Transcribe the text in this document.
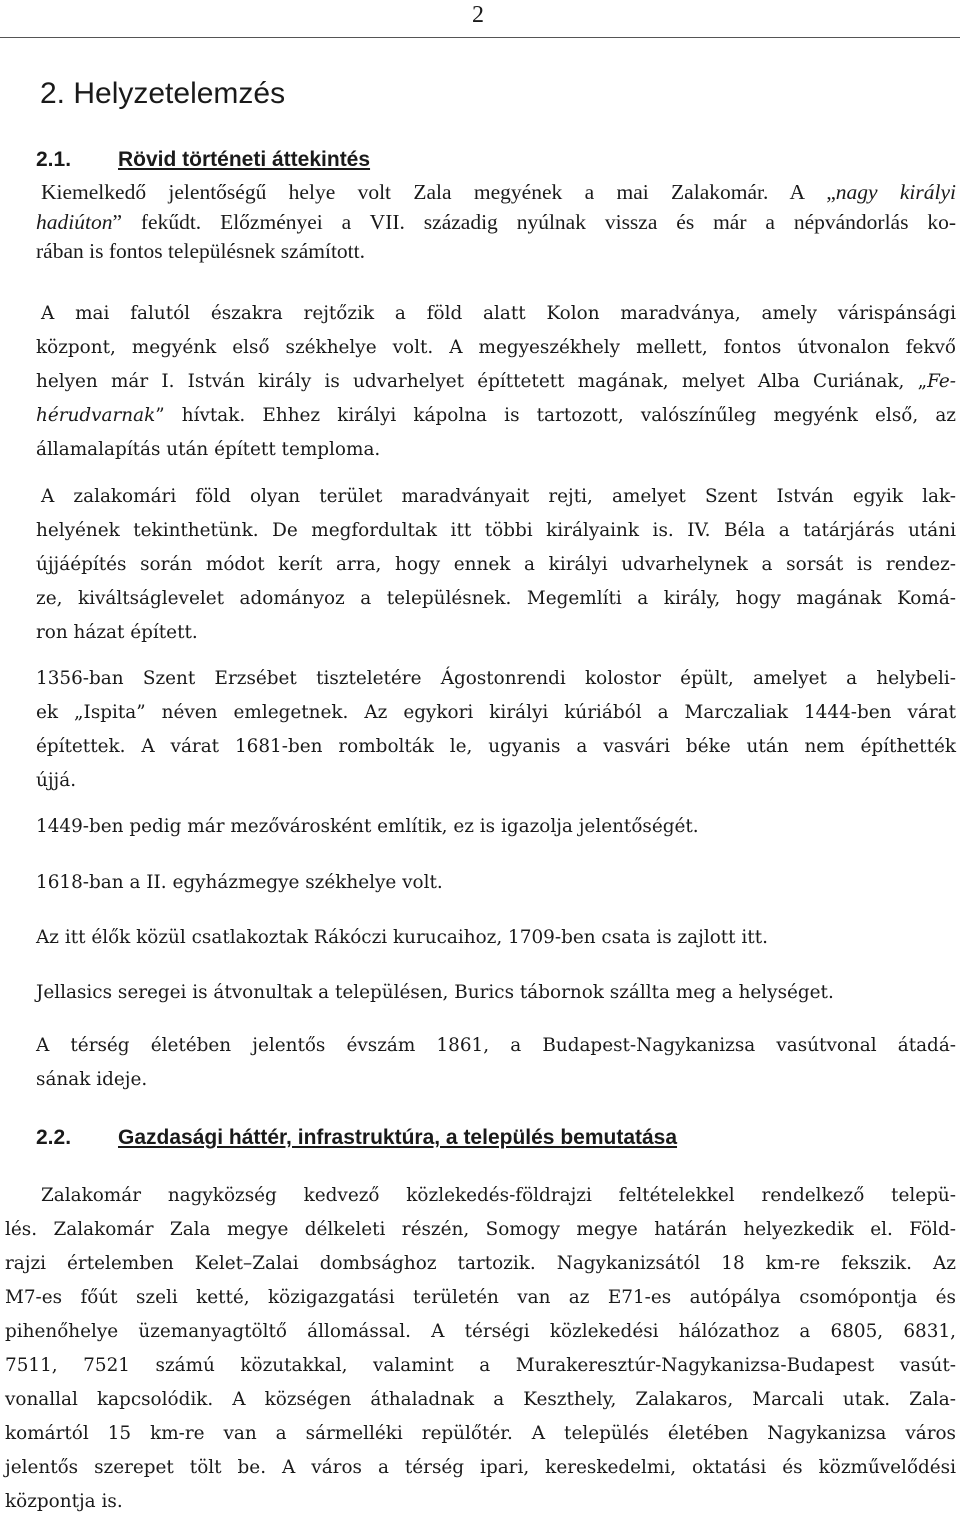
2
2. Helyzetelemzés
2.1. Rövid történeti áttekintés

Kiemelkedő jelentőségű helye volt Zala megyének a mai Zalakomár. A „nagy királyi
hadiúton” fekűdt. Előzményei a VII. századig nyúlnak vissza és már a népvándorlás ko-
rában is fontos településnek számított.

A mai falutól északra rejtőzik a föld alatt Kolon maradványa, amely várispánsági
központ, megyénk első székhelye volt. A megyeszékhely mellett, fontos útvonalon fekvő
helyen már I. István király is udvarhelyet építtetett magának, melyet Alba Curiának, „Fe-
hérudvarnak” hívtak. Ehhez királyi kápolna is tartozott, valószínűleg megyénk első, az
államalapítás után épített temploma.

A zalakomári föld olyan terület maradványait rejti, amelyet Szent István egyik lak-
helyének tekinthetünk. De megfordultak itt többi királyaink is. IV. Béla a tatárjárás utáni
újjáépítés során módot kerít arra, hogy ennek a királyi udvarhelynek a sorsát is rendez-
ze, kiváltságlevelet adományoz a településnek. Megemlíti a király, hogy magának Komá-
ron házat épített.

1356-ban Szent Erzsébet tiszteletére Ágostonrendi kolostor épült, amelyet a helybeli-
ek „Ispita” néven emlegetnek. Az egykori királyi kúriából a Marczaliak 1444-ben várat
építettek. A várat 1681-ben rombolták le, ugyanis a vasvári béke után nem építhették
újjá.

1449-ben pedig már mezővárosként említik, ez is igazolja jelentőségét.

1618-ban a II. egyházmegye székhelye volt.

Az itt élők közül csatlakoztak Rákóczi kurucaihoz, 1709-ben csata is zajlott itt.

Jellasics seregei is átvonultak a településen, Burics tábornok szállta meg a helységet.

A térség életében jelentős évszám 1861, a Budapest-Nagykanizsa vasútvonal átadá-
sának ideje.

2.2. Gazdasági háttér, infrastruktúra, a település bemutatása

Zalakomár nagyközség kedvező közlekedés-földrajzi feltételekkel rendelkező telepü-
lés. Zalakomár Zala megye délkeleti részén, Somogy megye határán helyezkedik el. Föld-
rajzi értelemben Kelet–Zalai dombsághoz tartozik. Nagykanizsától 18 km-re fekszik. Az
M7-es főút szeli ketté, közigazgatási területén van az E71-es autópálya csomópontja és
pihenőhelye üzemanyagtöltő állomással. A térségi közlekedési hálózathoz a 6805, 6831,
7511, 7521 számú közutakkal, valamint a Murakeresztúr-Nagykanizsa-Budapest vasút-
vonallal kapcsolódik. A községen áthaladnak a Keszthely, Zalakaros, Marcali utak. Zala-
komártól 15 km-re van a sármelléki repülőtér. A település életében Nagykanizsa város
jelentős szerepet tölt be. A város a térség ipari, kereskedelmi, oktatási és közművelődési
központja is.
